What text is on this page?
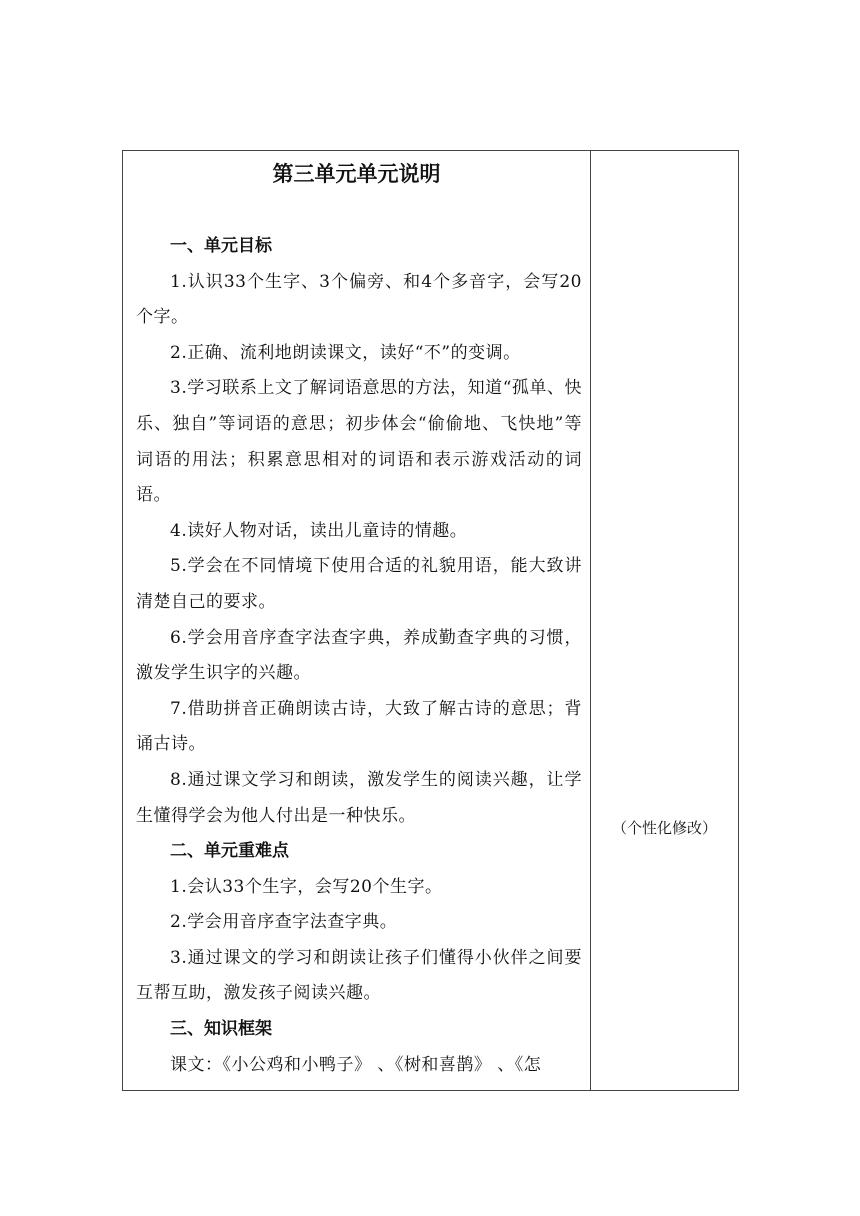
第三单元单元说明

一、单元目标

1.认识33个生字、3个偏旁、和4个多音字，会写20个字。

2.正确、流利地朗读课文，读好“不”的变调。

3.学习联系上文了解词语意思的方法，知道“孤单、快乐、独自”等词语的意思；初步体会“偷偷地、飞快地”等词语的用法；积累意思相对的词语和表示游戏活动的词语。

4.读好人物对话，读出儿童诗的情趣。

5.学会在不同情境下使用合适的礼貌用语，能大致讲清楚自己的要求。

6.学会用音序查字法查字典，养成勤查字典的习惯，激发学生识字的兴趣。

7.借助拼音正确朗读古诗，大致了解古诗的意思；背诵古诗。

8.通过课文学习和朗读，激发学生的阅读兴趣，让学生懂得学会为他人付出是一种快乐。

二、单元重难点

1.会认33个生字，会写20个生字。

2.学会用音序查字法查字典。

3.通过课文的学习和朗读让孩子们懂得小伙伴之间要互帮互助，激发孩子阅读兴趣。

三、知识框架

课文：《小公鸡和小鸭子》 、《树和喜鹊》 、《怎

（个性化修改）
